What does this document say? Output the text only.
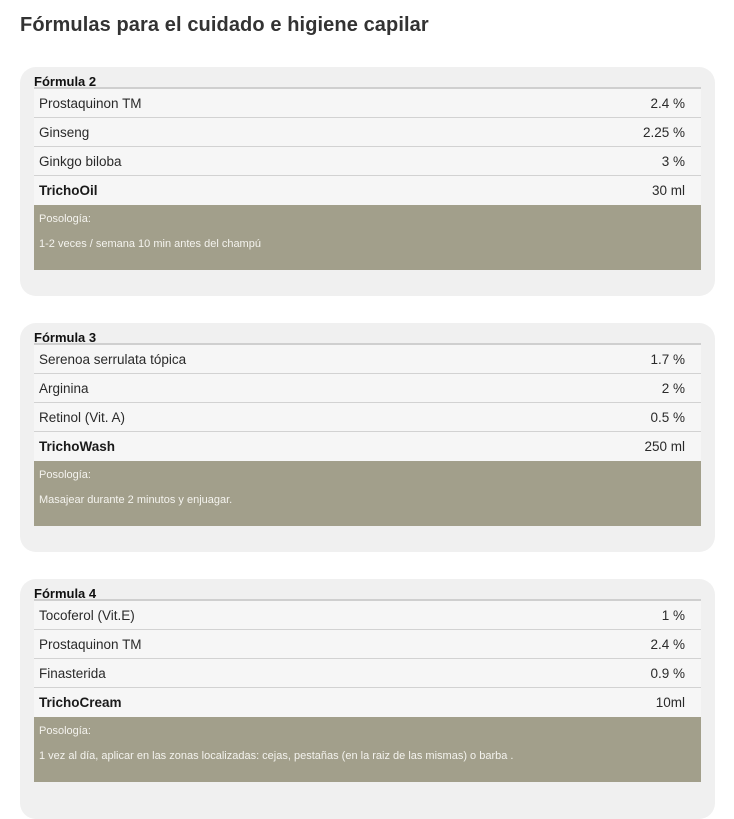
Fórmulas para el cuidado e higiene capilar
Fórmula 2
Prostaquinon TM	2.4 %
Ginseng	2.25 %
Ginkgo biloba	3 %
TrichoOil	30 ml
Posología:
1-2 veces / semana 10 min antes del champú
Fórmula 3
Serenoa serrulata tópica	1.7 %
Arginina	2 %
Retinol (Vit. A)	0.5 %
TrichoWash	250 ml
Posología:
Masajear durante 2 minutos y enjuagar.
Fórmula 4
Tocoferol (Vit.E)	1 %
Prostaquinon TM	2.4 %
Finasterida	0.9 %
TrichoCream	10ml
Posología:
1 vez al día, aplicar en las zonas localizadas: cejas, pestañas (en la raiz de las mismas) o barba .
